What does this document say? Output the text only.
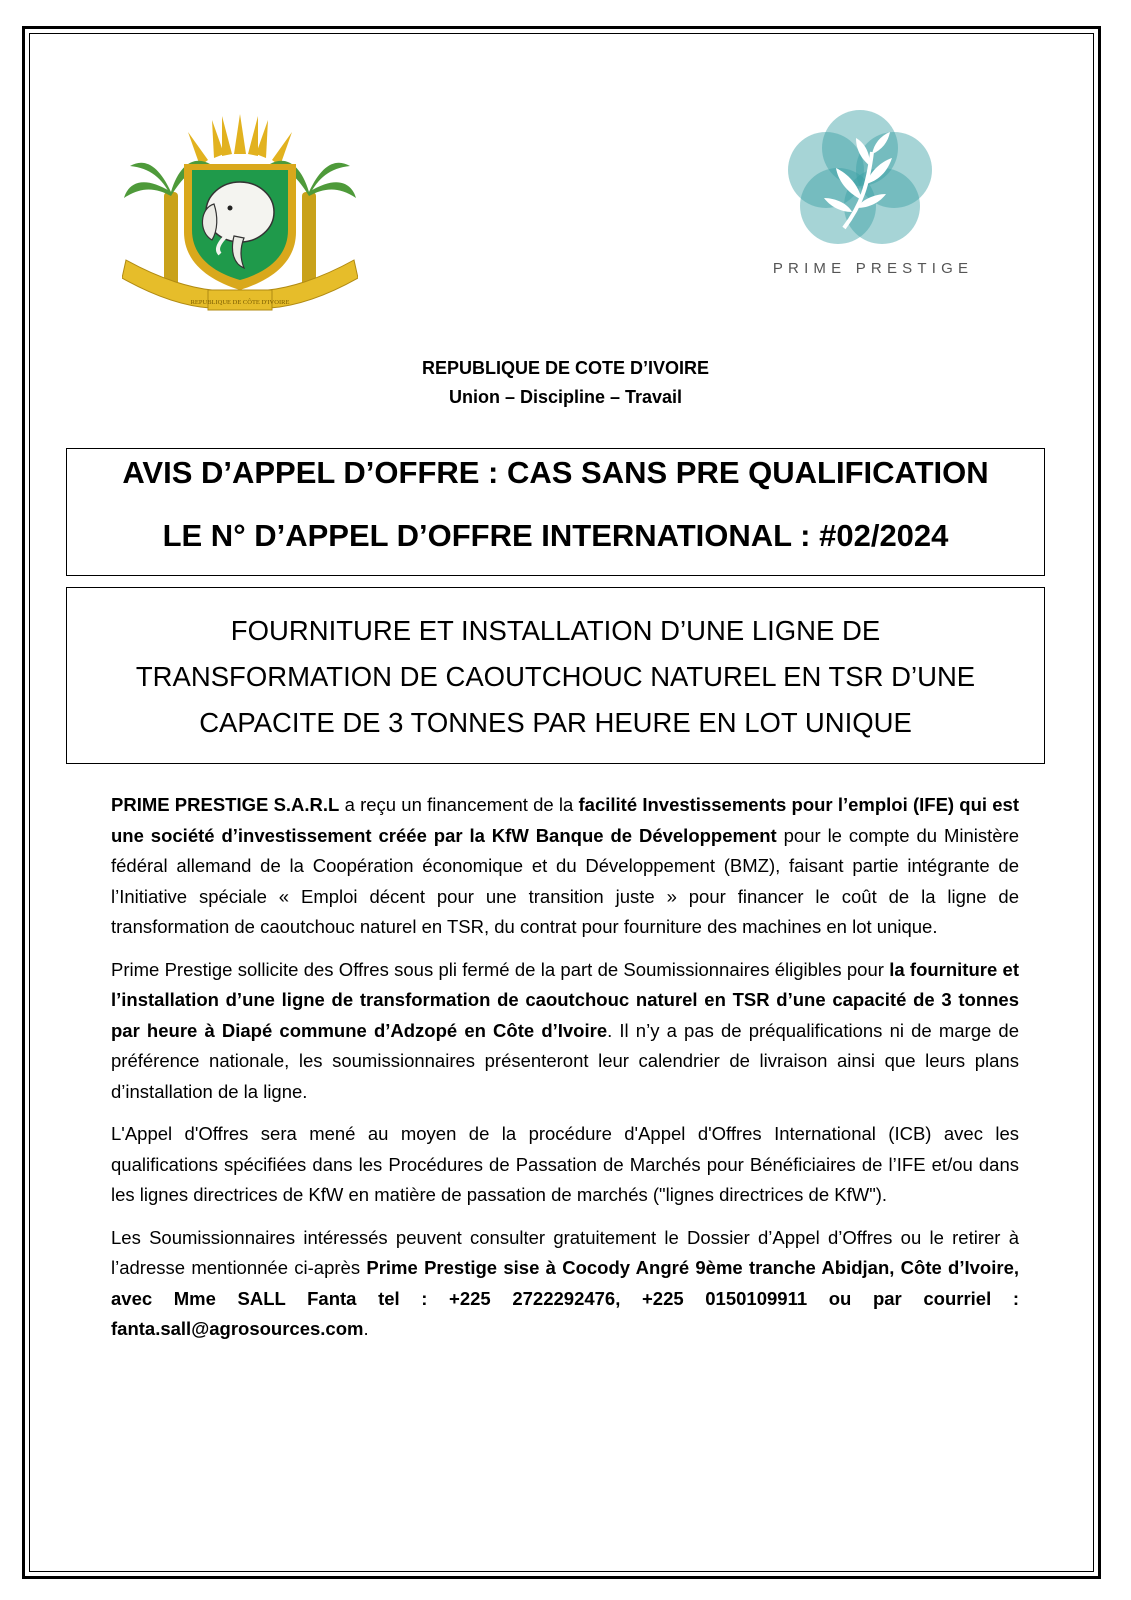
REPUBLIQUE DE CÔTE D'IVOIRE
PRIME PRESTIGE
REPUBLIQUE DE COTE D’IVOIRE
Union – Discipline – Travail
AVIS D’APPEL D’OFFRE : CAS SANS PRE QUALIFICATION
LE N° D’APPEL D’OFFRE INTERNATIONAL : #02/2024
FOURNITURE ET INSTALLATION D’UNE LIGNE DE
TRANSFORMATION DE CAOUTCHOUC NATUREL EN TSR D’UNE
CAPACITE DE 3 TONNES PAR HEURE EN LOT UNIQUE

PRIME PRESTIGE S.A.R.L a reçu un financement de la facilité Investissements pour l’emploi (IFE) qui est une société d’investissement créée par la KfW Banque de Développement pour le compte du Ministère fédéral allemand de la Coopération économique et du Développement (BMZ), faisant partie intégrante de l’Initiative spéciale « Emploi décent pour une transition juste » pour financer le coût de la ligne de transformation de caoutchouc naturel en TSR, du contrat pour fourniture des machines en lot unique.

Prime Prestige sollicite des Offres sous pli fermé de la part de Soumissionnaires éligibles pour la fourniture et l’installation d’une ligne de transformation de caoutchouc naturel en TSR d’une capacité de 3 tonnes par heure à Diapé commune d’Adzopé en Côte d’Ivoire. Il n’y a pas de préqualifications ni de marge de préférence nationale, les soumissionnaires présenteront leur calendrier de livraison ainsi que leurs plans d’installation de la ligne.

L'Appel d'Offres sera mené au moyen de la procédure d'Appel d'Offres International (ICB) avec les qualifications spécifiées dans les Procédures de Passation de Marchés pour Bénéficiaires de l’IFE et/ou dans les lignes directrices de KfW en matière de passation de marchés ("lignes directrices de KfW").

Les Soumissionnaires intéressés peuvent consulter gratuitement le Dossier d’Appel d’Offres ou le retirer à l’adresse mentionnée ci-après Prime Prestige sise à Cocody Angré 9ème tranche Abidjan, Côte d’Ivoire, avec Mme SALL Fanta tel : +225 2722292476, +225 0150109911 ou par courriel : fanta.sall@agrosources.com.
